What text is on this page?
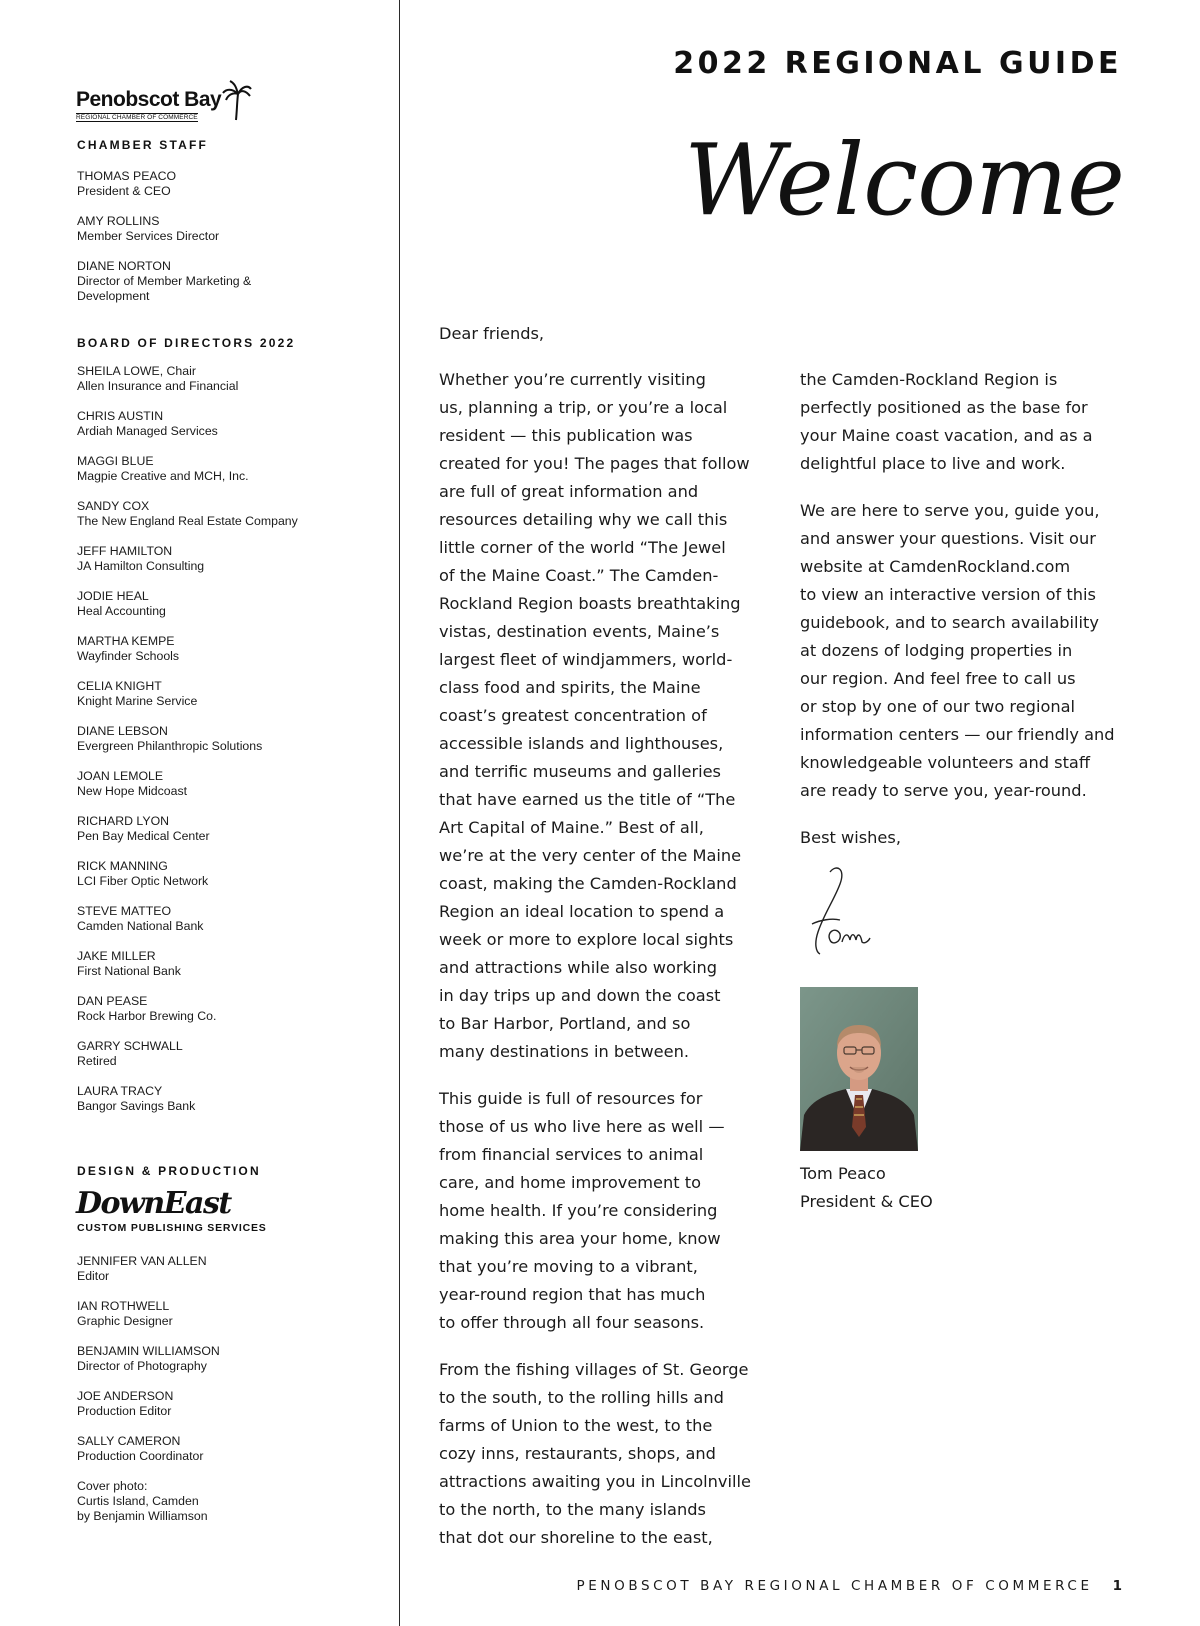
Penobscot Bay
REGIONAL CHAMBER OF COMMERCE
CHAMBER STAFF
THOMAS PEACO
President & CEO
AMY ROLLINS
Member Services Director
DIANE NORTON
Director of Member Marketing &
Development
BOARD OF DIRECTORS 2022
SHEILA LOWE, Chair
Allen Insurance and Financial
CHRIS AUSTIN
Ardiah Managed Services
MAGGI BLUE
Magpie Creative and MCH, Inc.
SANDY COX
The New England Real Estate Company
JEFF HAMILTON
JA Hamilton Consulting
JODIE HEAL
Heal Accounting
MARTHA KEMPE
Wayfinder Schools
CELIA KNIGHT
Knight Marine Service
DIANE LEBSON
Evergreen Philanthropic Solutions
JOAN LEMOLE
New Hope Midcoast
RICHARD LYON
Pen Bay Medical Center
RICK MANNING
LCI Fiber Optic Network
STEVE MATTEO
Camden National Bank
JAKE MILLER
First National Bank
DAN PEASE
Rock Harbor Brewing Co.
GARRY SCHWALL
Retired
LAURA TRACY
Bangor Savings Bank
DESIGN & PRODUCTION
DownEast
CUSTOM PUBLISHING SERVICES
JENNIFER VAN ALLEN
Editor
IAN ROTHWELL
Graphic Designer
BENJAMIN WILLIAMSON
Director of Photography
JOE ANDERSON
Production Editor
SALLY CAMERON
Production Coordinator
Cover photo:
Curtis Island, Camden
by Benjamin Williamson
2022 REGIONAL GUIDE
Welcome
Dear friends,

Whether you’re currently visiting
us, planning a trip, or you’re a local
resident — this publication was
created for you! The pages that follow
are full of great information and
resources detailing why we call this
little corner of the world “The Jewel
of the Maine Coast.” The Camden-
Rockland Region boasts breathtaking
vistas, destination events, Maine’s
largest fleet of windjammers, world-
class food and spirits, the Maine
coast’s greatest concentration of
accessible islands and lighthouses,
and terrific museums and galleries
that have earned us the title of “The
Art Capital of Maine.” Best of all,
we’re at the very center of the Maine
coast, making the Camden-Rockland
Region an ideal location to spend a
week or more to explore local sights
and attractions while also working
in day trips up and down the coast
to Bar Harbor, Portland, and so
many destinations in between.

This guide is full of resources for
those of us who live here as well —
from financial services to animal
care, and home improvement to
home health. If you’re considering
making this area your home, know
that you’re moving to a vibrant,
year-round region that has much
to offer through all four seasons.

From the fishing villages of St. George
to the south, to the rolling hills and
farms of Union to the west, to the
cozy inns, restaurants, shops, and
attractions awaiting you in Lincolnville
to the north, to the many islands
that dot our shoreline to the east,

the Camden-Rockland Region is
perfectly positioned as the base for
your Maine coast vacation, and as a
delightful place to live and work.

We are here to serve you, guide you,
and answer your questions. Visit our
website at CamdenRockland.com
to view an interactive version of this
guidebook, and to search availability
at dozens of lodging properties in
our region. And feel free to call us
or stop by one of our two regional
information centers — our friendly and
knowledgeable volunteers and staff
are ready to serve you, year-round.

Best wishes,

Tom Peaco
President & CEO
PENOBSCOT BAY REGIONAL CHAMBER OF COMMERCE 1
